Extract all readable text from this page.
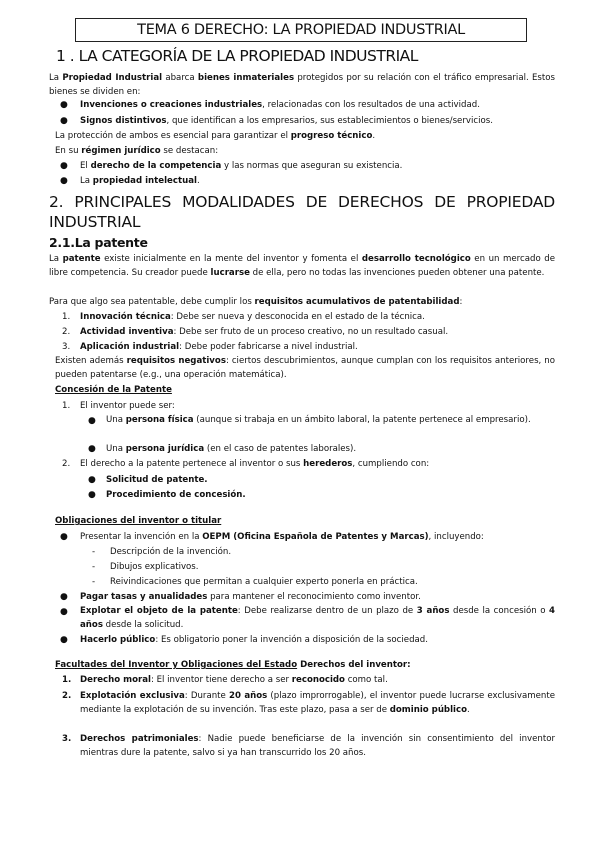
TEMA 6 DERECHO: LA PROPIEDAD INDUSTRIAL
1 . LA CATEGORÍA DE LA PROPIEDAD INDUSTRIAL
La Propiedad Industrial abarca bienes inmateriales protegidos por su relación con el tráfico empresarial. Estos bienes se dividen en:
● Invenciones o creaciones industriales, relacionadas con los resultados de una actividad.
● Signos distintivos, que identifican a los empresarios, sus establecimientos o bienes/servicios.
La protección de ambos es esencial para garantizar el progreso técnico.
En su régimen jurídico se destacan:
● El derecho de la competencia y las normas que aseguran su existencia.
● La propiedad intelectual.
2. PRINCIPALES MODALIDADES DE DERECHOS DE PROPIEDAD INDUSTRIAL
2.1.La patente
La patente existe inicialmente en la mente del inventor y fomenta el desarrollo tecnológico en un mercado de libre competencia. Su creador puede lucrarse de ella, pero no todas las invenciones pueden obtener una patente.
Para que algo sea patentable, debe cumplir los requisitos acumulativos de patentabilidad:
1. Innovación técnica: Debe ser nueva y desconocida en el estado de la técnica.
2. Actividad inventiva: Debe ser fruto de un proceso creativo, no un resultado casual.
3. Aplicación industrial: Debe poder fabricarse a nivel industrial.
Existen además requisitos negativos: ciertos descubrimientos, aunque cumplan con los requisitos anteriores, no pueden patentarse (e.g., una operación matemática).
Concesión de la Patente
1. El inventor puede ser:
● Una persona física (aunque si trabaja en un ámbito laboral, la patente pertenece al empresario).
● Una persona jurídica (en el caso de patentes laborales).
2. El derecho a la patente pertenece al inventor o sus herederos, cumpliendo con:
● Solicitud de patente.
● Procedimiento de concesión.
Obligaciones del inventor o titular
● Presentar la invención en la OEPM (Oficina Española de Patentes y Marcas), incluyendo:
- Descripción de la invención.
- Dibujos explicativos.
- Reivindicaciones que permitan a cualquier experto ponerla en práctica.
● Pagar tasas y anualidades para mantener el reconocimiento como inventor.
● Explotar el objeto de la patente: Debe realizarse dentro de un plazo de 3 años desde la concesión o 4 años desde la solicitud.
● Hacerlo público: Es obligatorio poner la invención a disposición de la sociedad.
Facultades del Inventor y Obligaciones del Estado Derechos del inventor:
1. Derecho moral: El inventor tiene derecho a ser reconocido como tal.
2. Explotación exclusiva: Durante 20 años (plazo improrrogable), el inventor puede lucrarse exclusivamente mediante la explotación de su invención. Tras este plazo, pasa a ser de dominio público.
3. Derechos patrimoniales: Nadie puede beneficiarse de la invención sin consentimiento del inventor mientras dure la patente, salvo si ya han transcurrido los 20 años.
